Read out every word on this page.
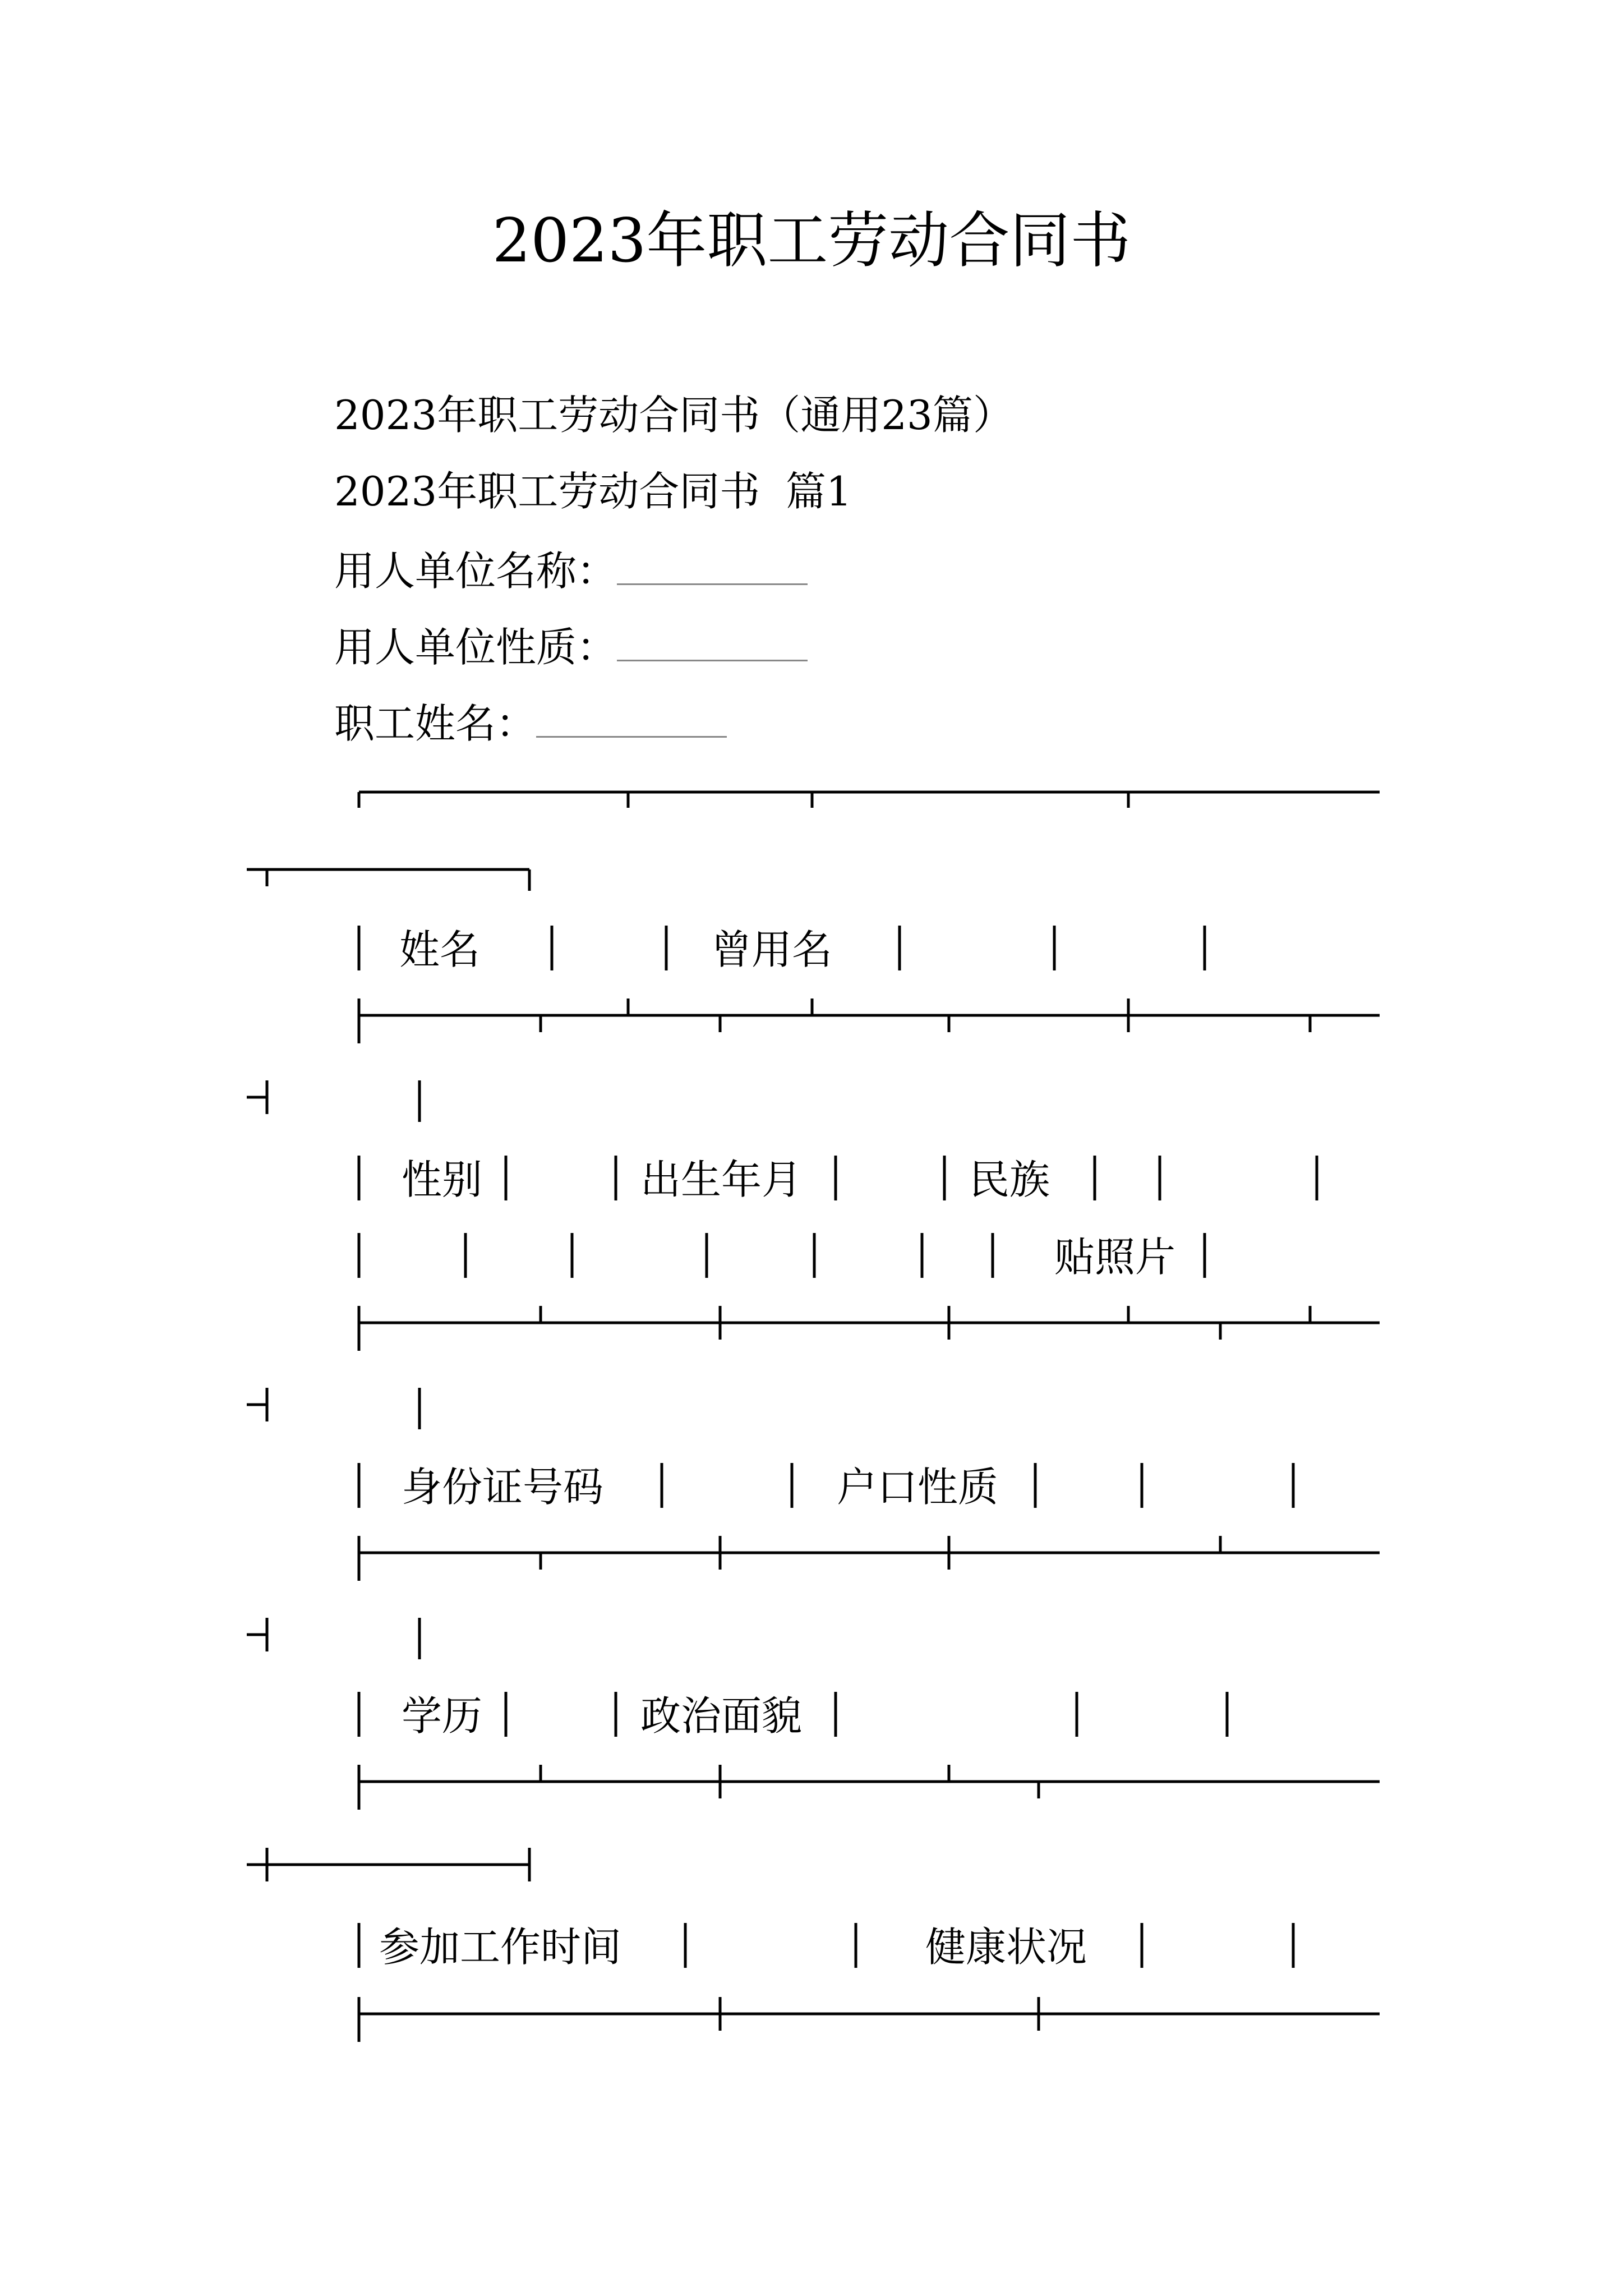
2023年职工劳动合同书
2023年职工劳动合同书（通用23篇）
2023年职工劳动合同书  篇1
用人单位名称：
用人单位性质：
职工姓名：
姓名	曾用名
性别	出生年月	民族
贴照片
身份证号码	户口性质
学历	政治面貌
参加工作时间	健康状况
